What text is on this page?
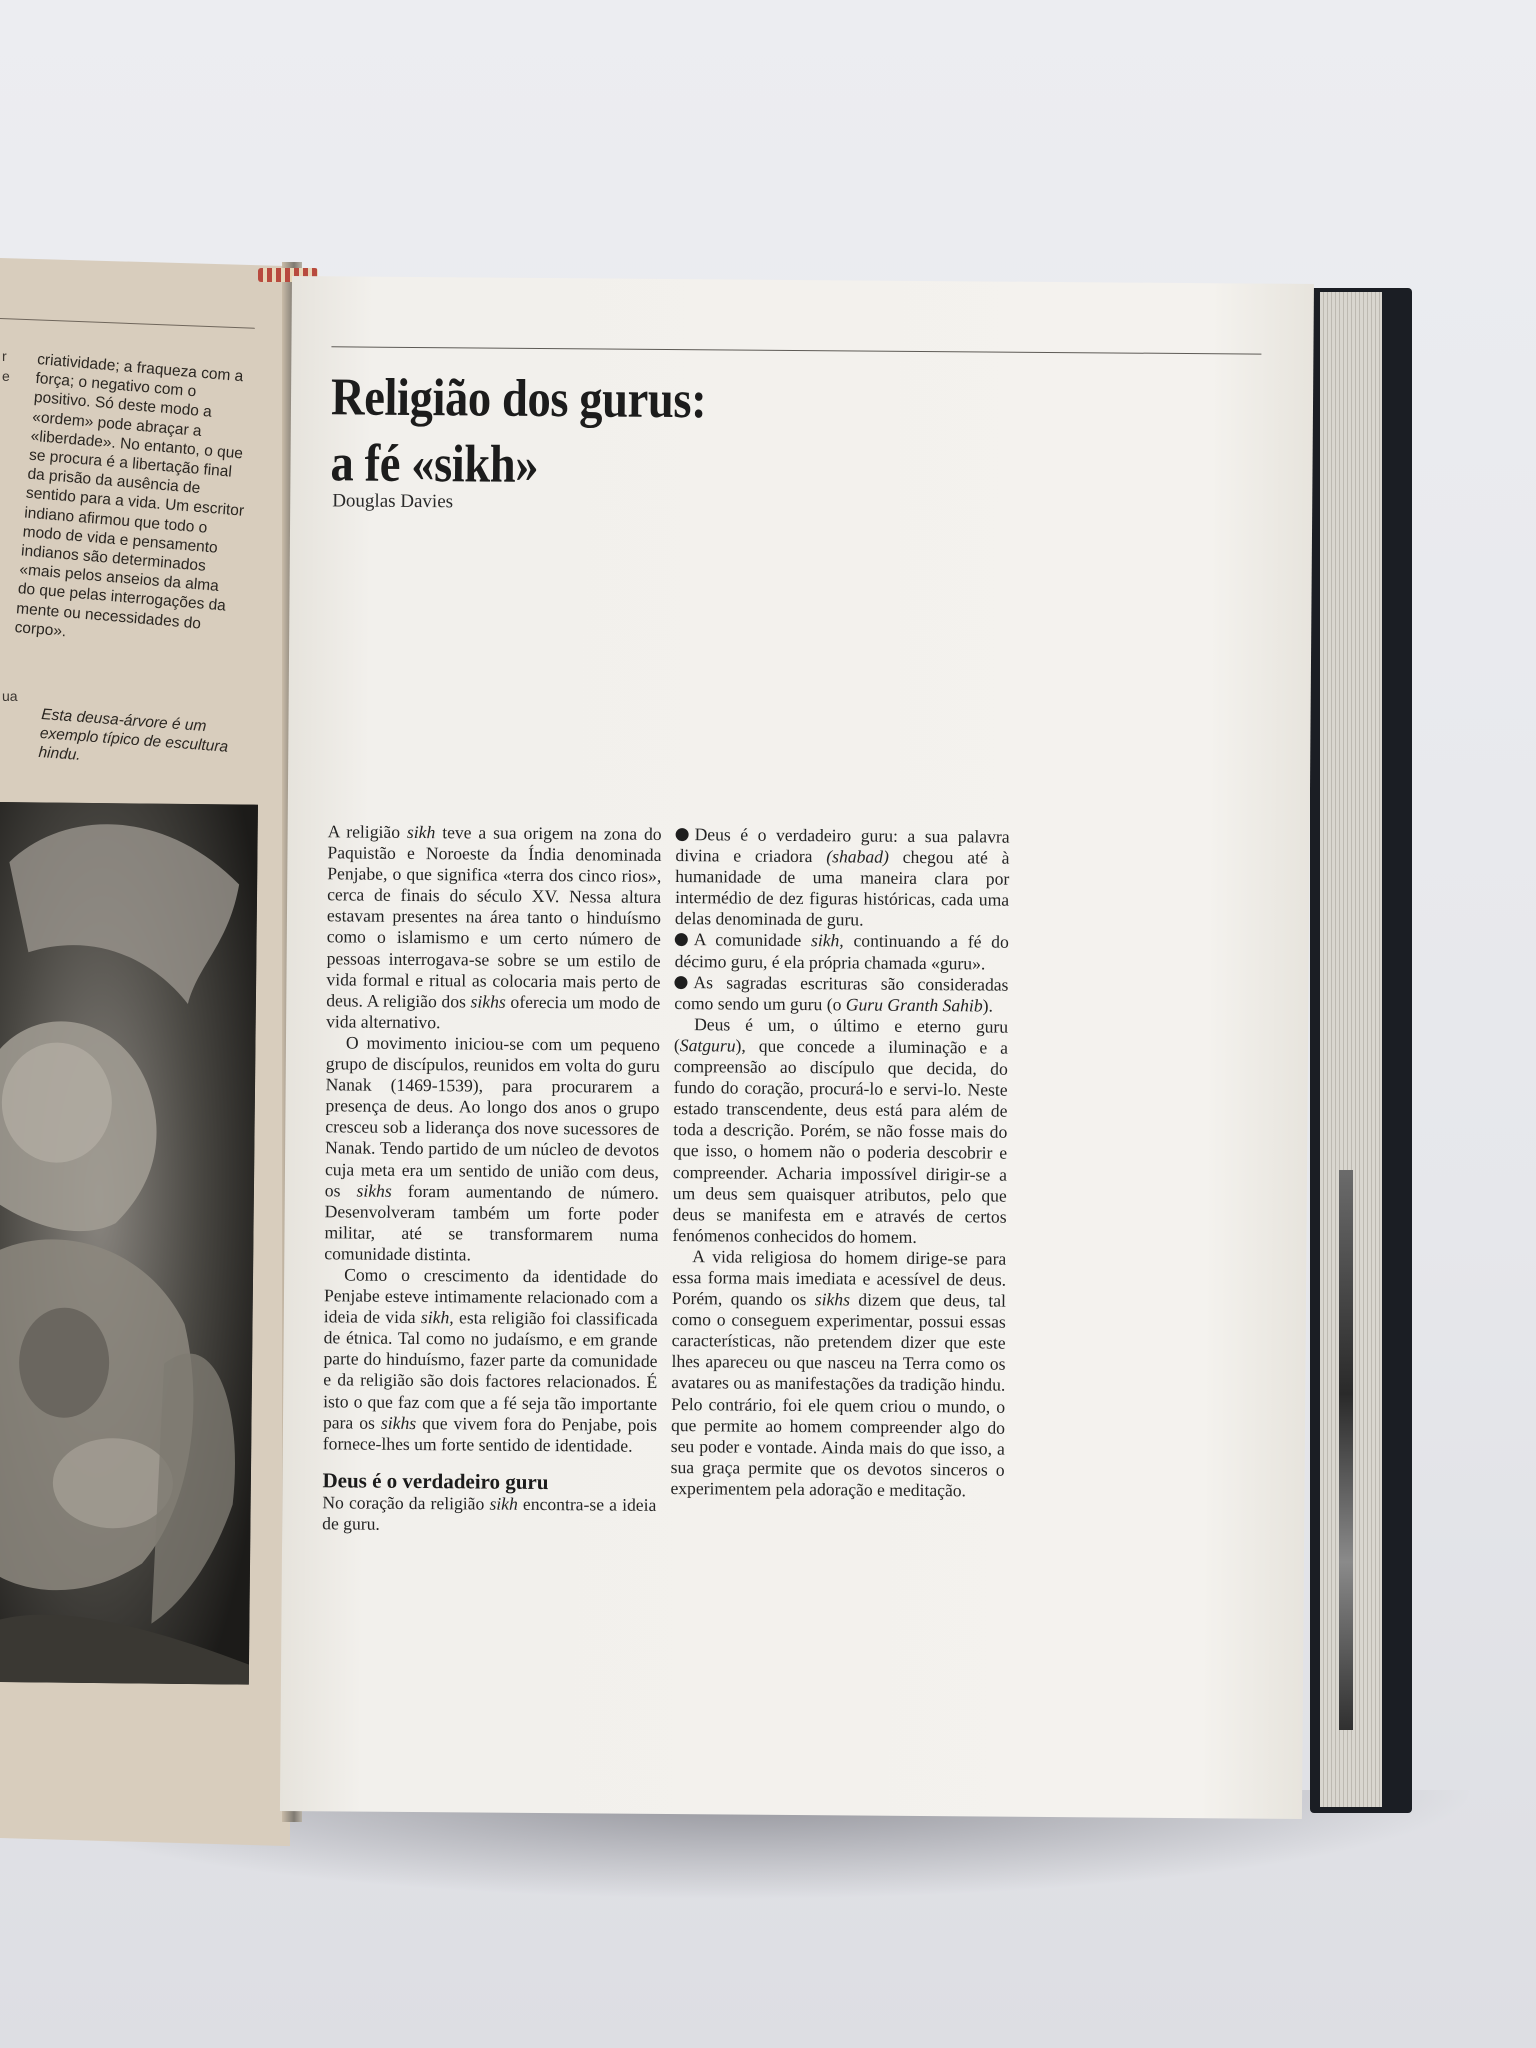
r
e
ua
criatividade; a fraqueza com a força; o negativo com o positivo. Só deste modo a «ordem» pode abraçar a «liberdade». No entanto, o que se procura é a libertação final da prisão da ausência de sentido para a vida. Um escritor indiano afirmou que todo o modo de vida e pensamento indianos são determinados «mais pelos anseios da alma do que pelas interrogações da mente ou necessidades do corpo».
Esta deusa-árvore é um exemplo típico de escultura hindu.
Religião dos gurus:
a fé «sikh»
Douglas Davies

A religião sikh teve a sua origem na zona do Paquistão e Noroeste da Índia denominada Penjabe, o que significa «terra dos cinco rios», cerca de finais do século XV. Nessa altura estavam presentes na área tanto o hinduísmo como o islamismo e um certo número de pessoas interrogava-se sobre se um estilo de vida formal e ritual as colocaria mais perto de deus. A religião dos sikhs oferecia um modo de vida alternativo.

O movimento iniciou-se com um pequeno grupo de discípulos, reunidos em volta do guru Nanak (1469-1539), para procurarem a presença de deus. Ao longo dos anos o grupo cresceu sob a liderança dos nove sucessores de Nanak. Tendo partido de um núcleo de devotos cuja meta era um sentido de união com deus, os sikhs foram aumentando de número. Desenvolveram também um forte poder militar, até se transformarem numa comunidade distinta.

Como o crescimento da identidade do Penjabe esteve intimamente relacionado com a ideia de vida sikh, esta religião foi classificada de étnica. Tal como no judaísmo, e em grande parte do hinduísmo, fazer parte da comunidade e da religião são dois factores relacionados. É isto o que faz com que a fé seja tão importante para os sikhs que vivem fora do Penjabe, pois fornece-lhes um forte sentido de identidade.

Deus é o verdadeiro guru

No coração da religião sikh encontra-se a ideia de guru.

Deus é o verdadeiro guru: a sua palavra divina e criadora (shabad) chegou até à humanidade de uma maneira clara por intermédio de dez figuras históricas, cada uma delas denominada de guru.

A comunidade sikh, continuando a fé do décimo guru, é ela própria chamada «guru».

As sagradas escrituras são consideradas como sendo um guru (o Guru Granth Sahib).

Deus é um, o último e eterno guru (Satguru), que concede a iluminação e a compreensão ao discípulo que decida, do fundo do coração, procurá-lo e servi-lo. Neste estado transcendente, deus está para além de toda a descrição. Porém, se não fosse mais do que isso, o homem não o poderia descobrir e compreender. Acharia impossível dirigir-se a um deus sem quaisquer atributos, pelo que deus se manifesta em e através de certos fenómenos conhecidos do homem.

A vida religiosa do homem dirige-se para essa forma mais imediata e acessível de deus. Porém, quando os sikhs dizem que deus, tal como o conseguem experimentar, possui essas características, não pretendem dizer que este lhes apareceu ou que nasceu na Terra como os avatares ou as manifestações da tradição hindu. Pelo contrário, foi ele quem criou o mundo, o que permite ao homem compreender algo do seu poder e vontade. Ainda mais do que isso, a sua graça permite que os devotos sinceros o experimentem pela adoração e meditação.
